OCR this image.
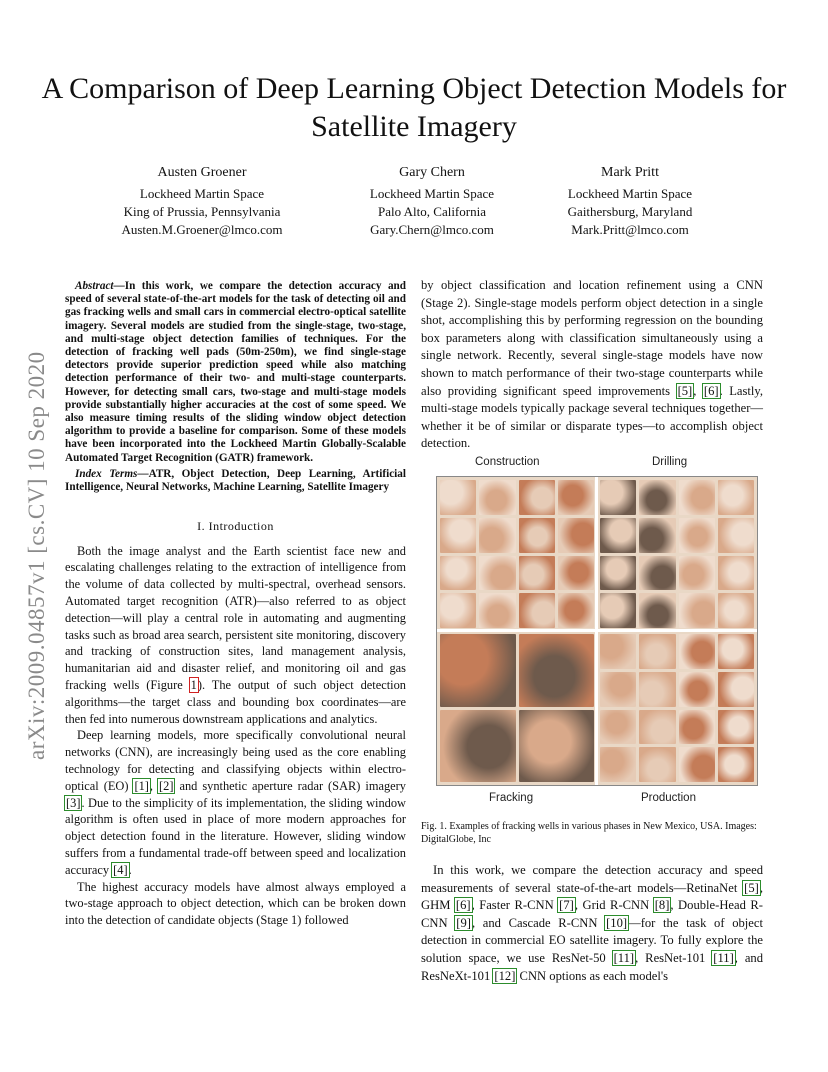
arXiv:2009.04857v1 [cs.CV] 10 Sep 2020
A Comparison of Deep Learning Object Detection Models for Satellite Imagery
Austen Groener
Lockheed Martin Space
King of Prussia, Pennsylvania
Austen.M.Groener@lmco.com
Gary Chern
Lockheed Martin Space
Palo Alto, California
Gary.Chern@lmco.com
Mark Pritt
Lockheed Martin Space
Gaithersburg, Maryland
Mark.Pritt@lmco.com

Abstract—In this work, we compare the detection accuracy and speed of several state-of-the-art models for the task of detecting oil and gas fracking wells and small cars in commercial electro-optical satellite imagery. Several models are studied from the single-stage, two-stage, and multi-stage object detection families of techniques. For the detection of fracking well pads (50m-250m), we find single-stage detectors provide superior prediction speed while also matching detection performance of their two- and multi-stage counterparts. However, for detecting small cars, two-stage and multi-stage models provide substantially higher accuracies at the cost of some speed. We also measure timing results of the sliding window object detection algorithm to provide a baseline for comparison. Some of these models have been incorporated into the Lockheed Martin Globally-Scalable Automated Target Recognition (GATR) framework.

Index Terms—ATR, Object Detection, Deep Learning, Artificial Intelligence, Neural Networks, Machine Learning, Satellite Imagery

I. Introduction

Both the image analyst and the Earth scientist face new and escalating challenges relating to the extraction of intelligence from the volume of data collected by multi-spectral, overhead sensors. Automated target recognition (ATR)—also referred to as object detection—will play a central role in automating and augmenting tasks such as broad area search, persistent site monitoring, discovery and tracking of construction sites, land management analysis, humanitarian aid and disaster relief, and monitoring oil and gas fracking wells (Figure 1). The output of such object detection algorithms—the target class and bounding box coordinates—are then fed into numerous downstream applications and analytics.

Deep learning models, more specifically convolutional neural networks (CNN), are increasingly being used as the core enabling technology for detecting and classifying objects within electro-optical (EO) [1], [2] and synthetic aperture radar (SAR) imagery [3]. Due to the simplicity of its implementation, the sliding window algorithm is often used in place of more modern approaches for object detection found in the literature. However, sliding window suffers from a fundamental trade-off between speed and localization accuracy [4].

The highest accuracy models have almost always employed a two-stage approach to object detection, which can be broken down into the detection of candidate objects (Stage 1) followed

by object classification and location refinement using a CNN (Stage 2). Single-stage models perform object detection in a single shot, accomplishing this by performing regression on the bounding box parameters along with classification simultaneously using a single network. Recently, several single-stage models have now shown to match performance of their two-stage counterparts while also providing significant speed improvements [5], [6]. Lastly, multi-stage models typically package several techniques together—whether it be of similar or disparate types—to accomplish object detection.

Construction	Drilling
Fracking	Production
Fig. 1. Examples of fracking wells in various phases in New Mexico, USA. Images: DigitalGlobe, Inc

In this work, we compare the detection accuracy and speed measurements of several state-of-the-art models—RetinaNet [5], GHM [6], Faster R-CNN [7], Grid R-CNN [8], Double-Head R-CNN [9], and Cascade R-CNN [10]—for the task of object detection in commercial EO satellite imagery. To fully explore the solution space, we use ResNet-50 [11], ResNet-101 [11], and ResNeXt-101 [12] CNN options as each model's
